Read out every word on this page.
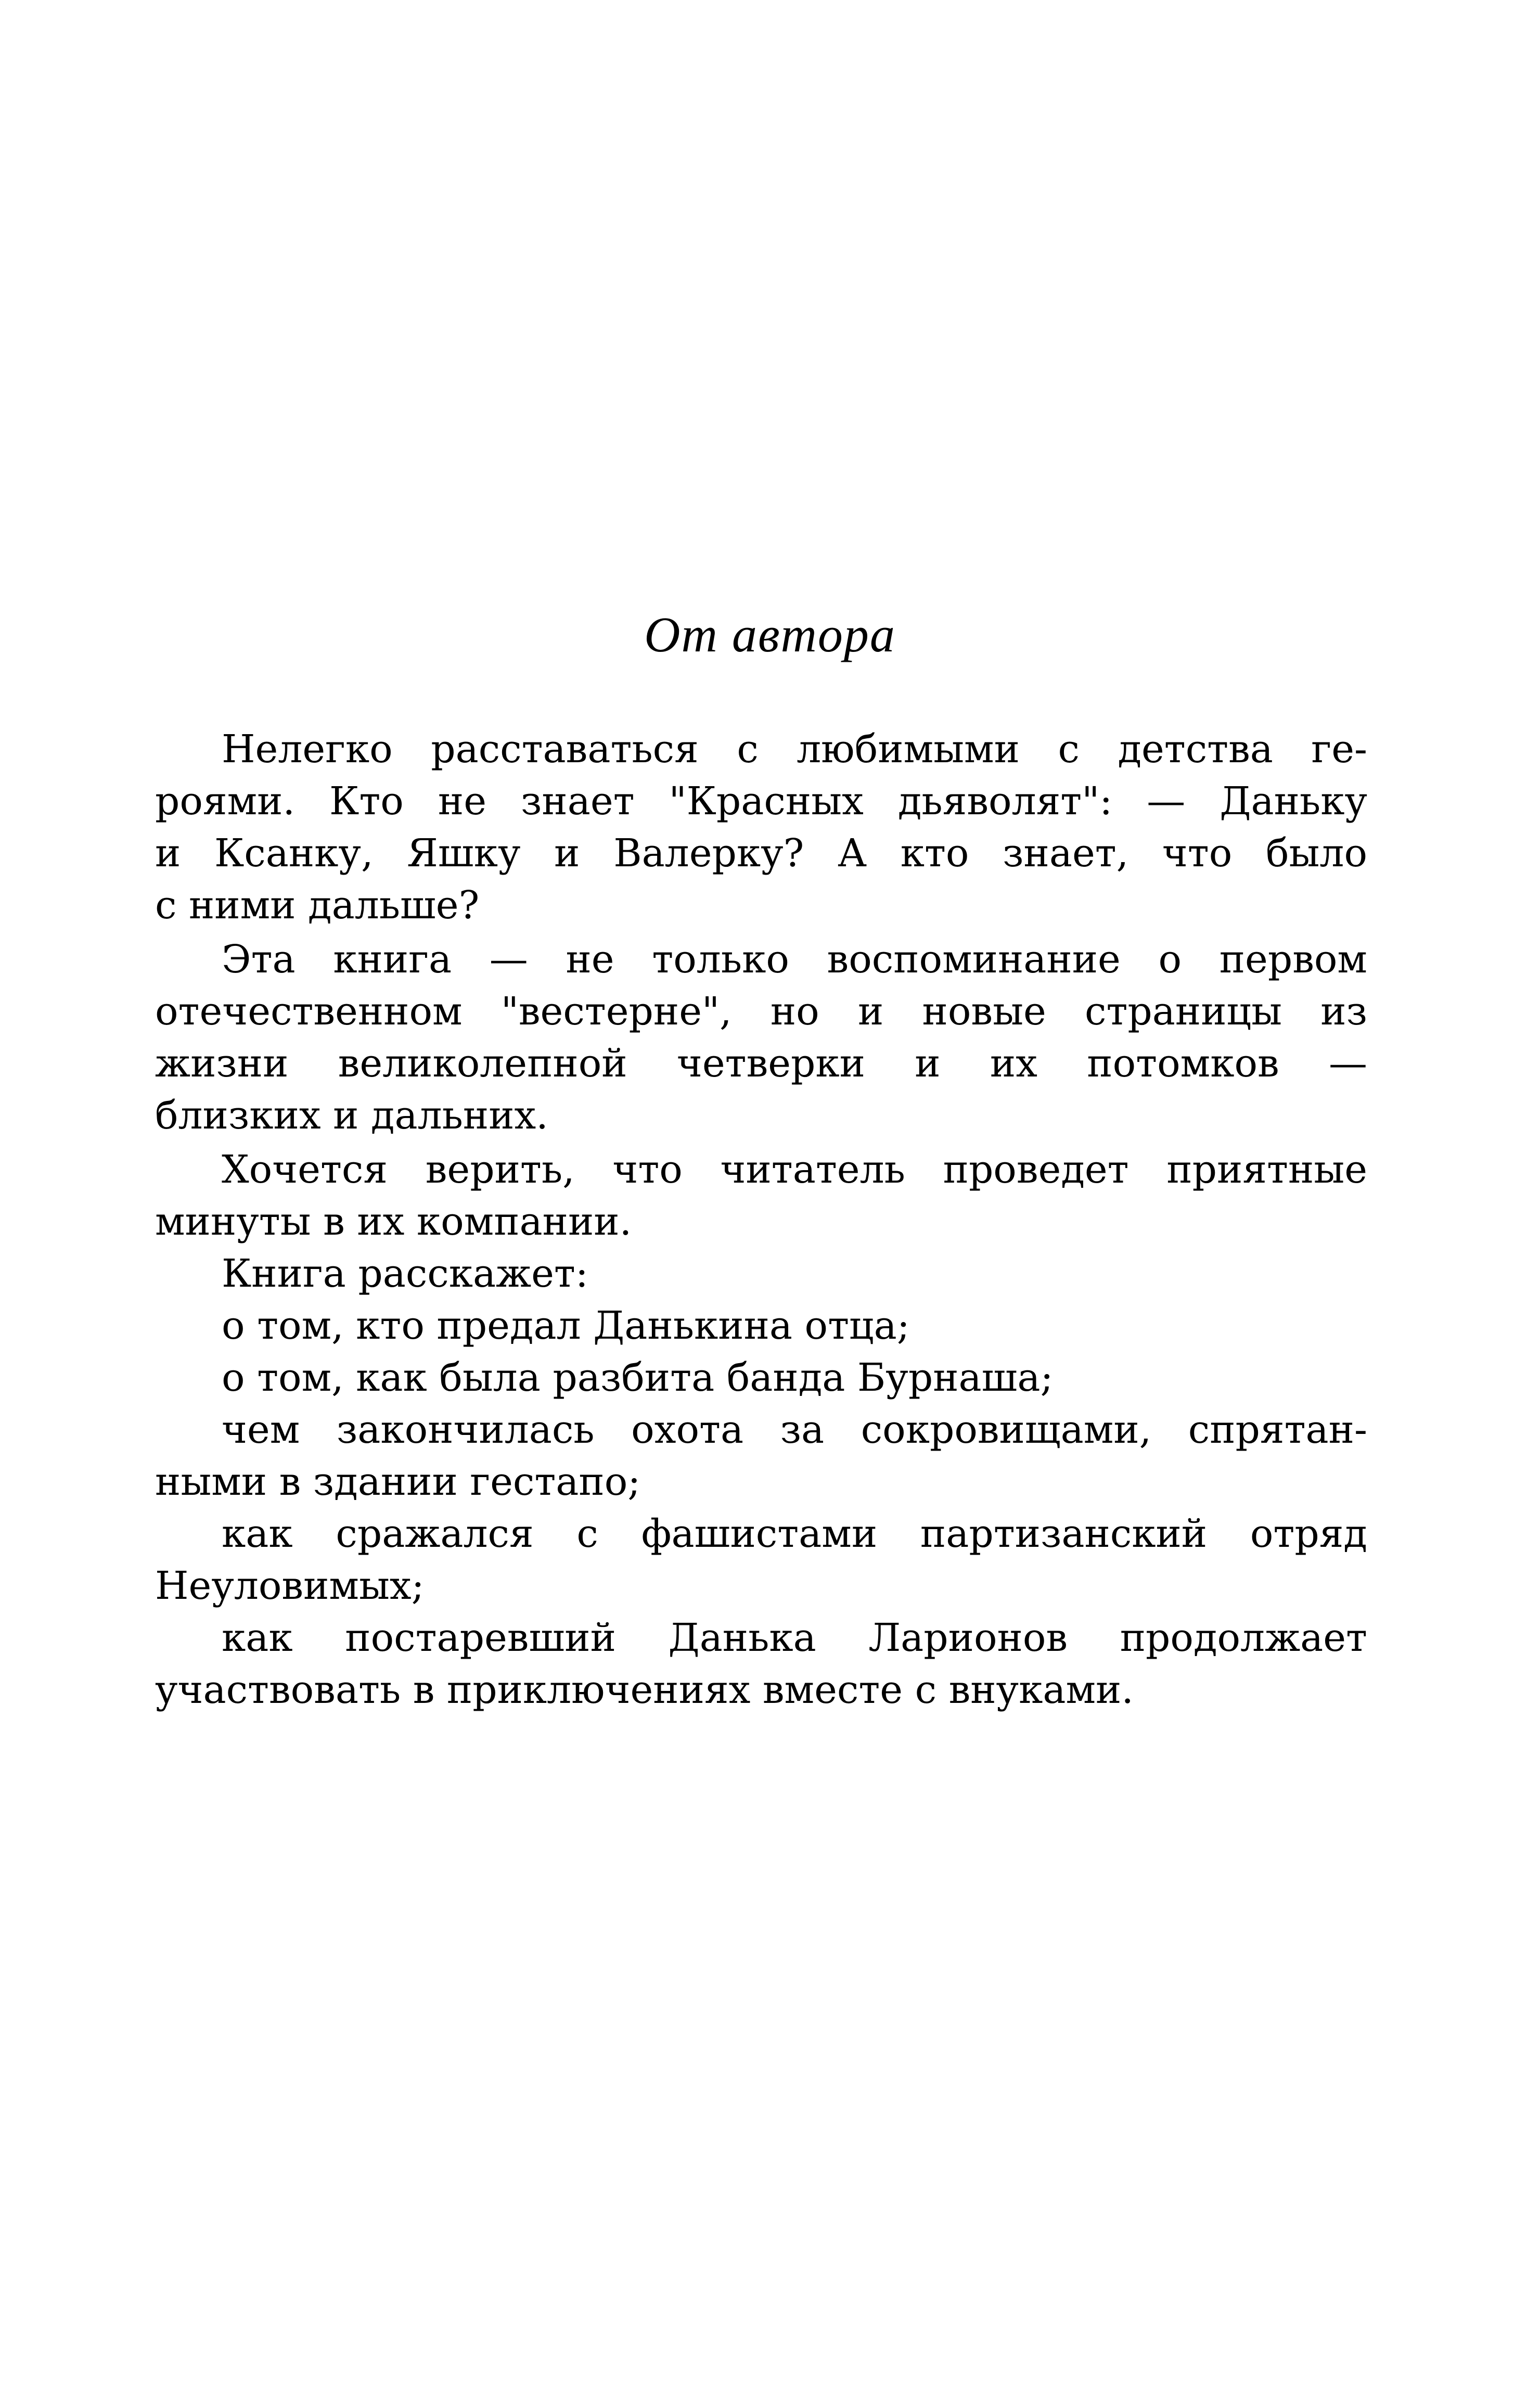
От автора
Нелегко расставаться с любимыми с детства ге-
роями. Кто не знает "Красных дьяволят": — Даньку
и Ксанку, Яшку и Валерку? А кто знает, что было
с ними дальше?
Эта книга — не только воспоминание о первом
отечественном "вестерне", но и новые страницы из
жизни великолепной четверки и их потомков —
близких и дальних.
Хочется верить, что читатель проведет приятные
минуты в их компании.
Книга расскажет:
о том, кто предал Данькина отца;
о том, как была разбита банда Бурнаша;
чем закончилась охота за сокровищами, спрятан-
ными в здании гестапо;
как сражался с фашистами партизанский отряд
Неуловимых;
как постаревший Данька Ларионов продолжает
участвовать в приключениях вместе с внуками.
